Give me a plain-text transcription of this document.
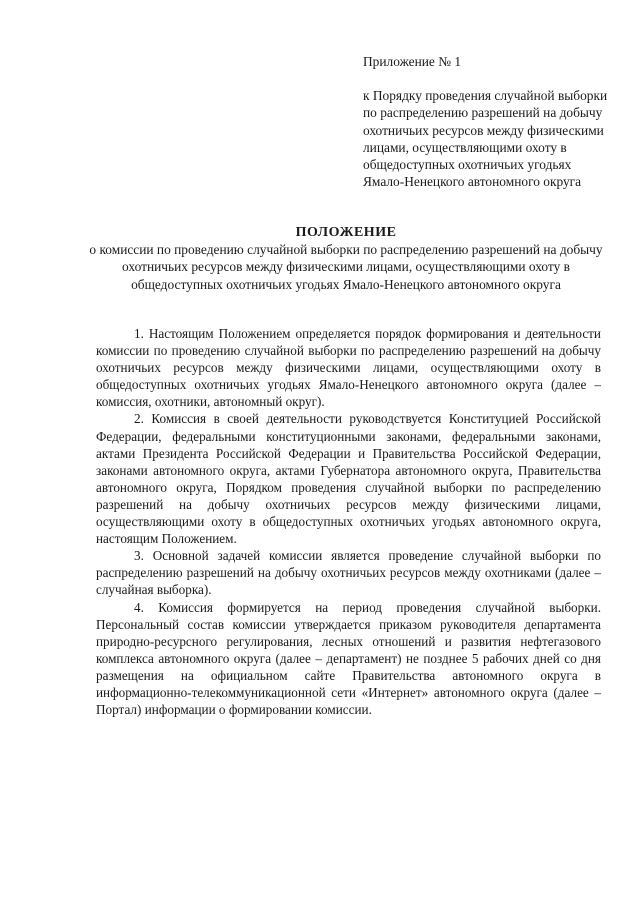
Приложение № 1

к Порядку проведения случайной выборки по распределению разрешений на добычу охотничьих ресурсов между физическими лицами, осуществляющими охоту в общедоступных охотничьих угодьях Ямало-Ненецкого автономного округа

ПОЛОЖЕНИЕ

о комиссии по проведению случайной выборки по распределению разрешений на добычу охотничьих ресурсов между физическими лицами, осуществляющими охоту в общедоступных охотничьих угодьях Ямало-Ненецкого автономного округа

1. Настоящим Положением определяется порядок формирования и деятельности комиссии по проведению случайной выборки по распределению разрешений на добычу охотничьих ресурсов между физическими лицами, осуществляющими охоту в общедоступных охотничьих угодьях Ямало-Ненецкого автономного округа (далее – комиссия, охотники, автономный округ).

2. Комиссия в своей деятельности руководствуется Конституцией Российской Федерации, федеральными конституционными законами, федеральными законами, актами Президента Российской Федерации и Правительства Российской Федерации, законами автономного округа, актами Губернатора автономного округа, Правительства автономного округа, Порядком проведения случайной выборки по распределению разрешений на добычу охотничьих ресурсов между физическими лицами, осуществляющими охоту в общедоступных охотничьих угодьях автономного округа, настоящим Положением.

3. Основной задачей комиссии является проведение случайной выборки по распределению разрешений на добычу охотничьих ресурсов между охотниками (далее – случайная выборка).

4. Комиссия формируется на период проведения случайной выборки. Персональный состав комиссии утверждается приказом руководителя департамента природно-ресурсного регулирования, лесных отношений и развития нефтегазового комплекса автономного округа (далее – департамент) не позднее 5 рабочих дней со дня размещения на официальном сайте Правительства автономного округа в информационно-телекоммуникационной сети «Интернет» автономного округа (далее – Портал) информации о формировании комиссии.
